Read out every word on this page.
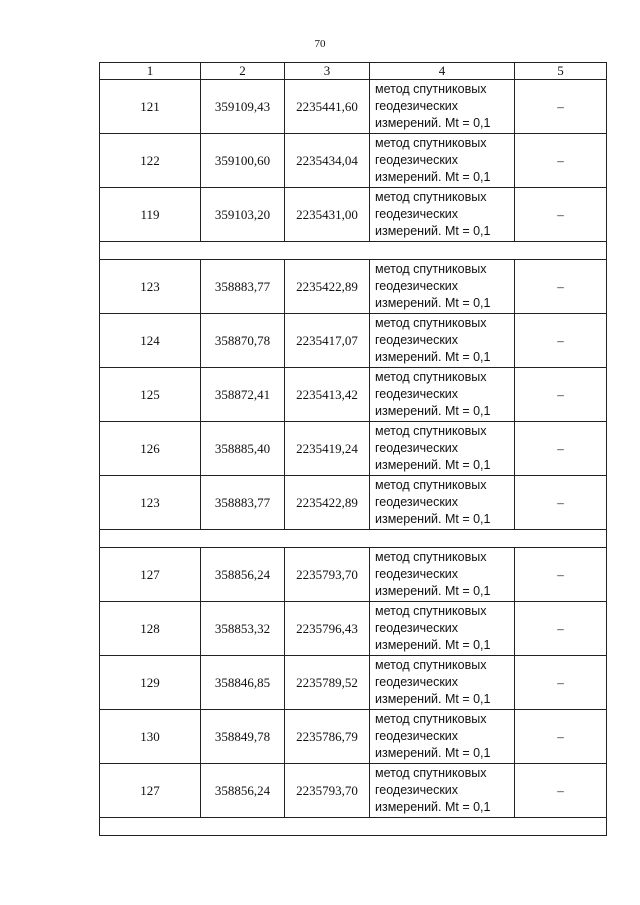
70
1	2	3	4	5
121	359109,43	2235441,60	метод спутниковых
геодезических
измерений. Mt = 0,1	–
122	359100,60	2235434,04	метод спутниковых
геодезических
измерений. Mt = 0,1	–
119	359103,20	2235431,00	метод спутниковых
геодезических
измерений. Mt = 0,1	–

123	358883,77	2235422,89	метод спутниковых
геодезических
измерений. Mt = 0,1	–
124	358870,78	2235417,07	метод спутниковых
геодезических
измерений. Mt = 0,1	–
125	358872,41	2235413,42	метод спутниковых
геодезических
измерений. Mt = 0,1	–
126	358885,40	2235419,24	метод спутниковых
геодезических
измерений. Mt = 0,1	–
123	358883,77	2235422,89	метод спутниковых
геодезических
измерений. Mt = 0,1	–

127	358856,24	2235793,70	метод спутниковых
геодезических
измерений. Mt = 0,1	–
128	358853,32	2235796,43	метод спутниковых
геодезических
измерений. Mt = 0,1	–
129	358846,85	2235789,52	метод спутниковых
геодезических
измерений. Mt = 0,1	–
130	358849,78	2235786,79	метод спутниковых
геодезических
измерений. Mt = 0,1	–
127	358856,24	2235793,70	метод спутниковых
геодезических
измерений. Mt = 0,1	–
